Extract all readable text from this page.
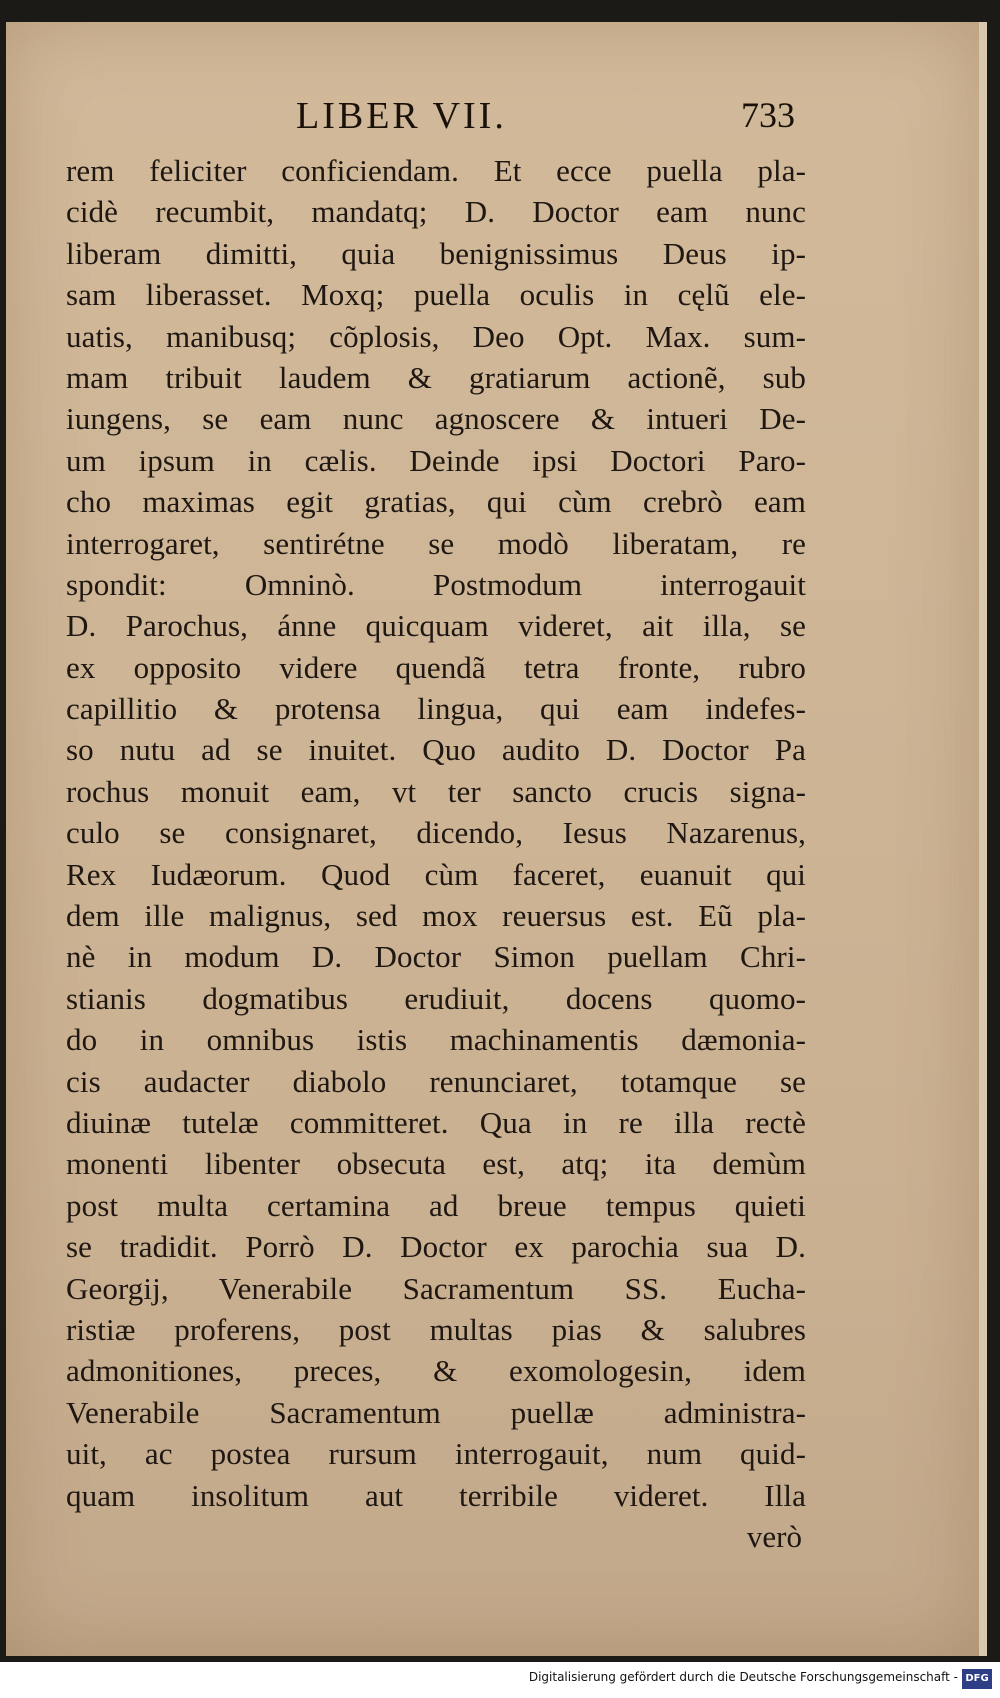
LIBER VII.	733
rem feliciter conficiendam. Et ecce puella pla-
cidè recumbit, mandatq; D. Doctor eam nunc
liberam dimitti, quia benignissimus Deus ip-
sam liberasset. Moxq; puella oculis in cęlũ ele-
uatis, manibusq; cõplosis, Deo Opt. Max. sum-
mam tribuit laudem & gratiarum actionẽ, sub
iungens, se eam nunc agnoscere & intueri De-
um ipsum in cælis. Deinde ipsi Doctori Paro-
cho maximas egit gratias, qui cùm crebrò eam
interrogaret, sentirétne se modò liberatam, re
spondit: Omninò. Postmodum interrogauit
D. Parochus, ánne quicquam videret, ait illa, se
ex opposito videre quendã tetra fronte, rubro
capillitio & protensa lingua, qui eam indefes-
so nutu ad se inuitet. Quo audito D. Doctor Pa
rochus monuit eam, vt ter sancto crucis signa-
culo se consignaret, dicendo, Iesus Nazarenus,
Rex Iudæorum. Quod cùm faceret, euanuit qui
dem ille malignus, sed mox reuersus est. Eũ pla-
nè in modum D. Doctor Simon puellam Chri-
stianis dogmatibus erudiuit, docens quomo-
do in omnibus istis machinamentis dæmonia-
cis audacter diabolo renunciaret, totamque se
diuinæ tutelæ committeret. Qua in re illa rectè
monenti libenter obsecuta est, atq; ita demùm
post multa certamina ad breue tempus quieti
se tradidit. Porrò D. Doctor ex parochia sua D.
Georgij, Venerabile Sacramentum SS. Eucha-
ristiæ proferens, post multas pias & salubres
admonitiones, preces, & exomologesin, idem
Venerabile Sacramentum puellæ administra-
uit, ac postea rursum interrogauit, num quid-
quam insolitum aut terribile videret. Illa
verò
Digitalisierung gefördert durch die Deutsche Forschungsgemeinschaft - DFG
